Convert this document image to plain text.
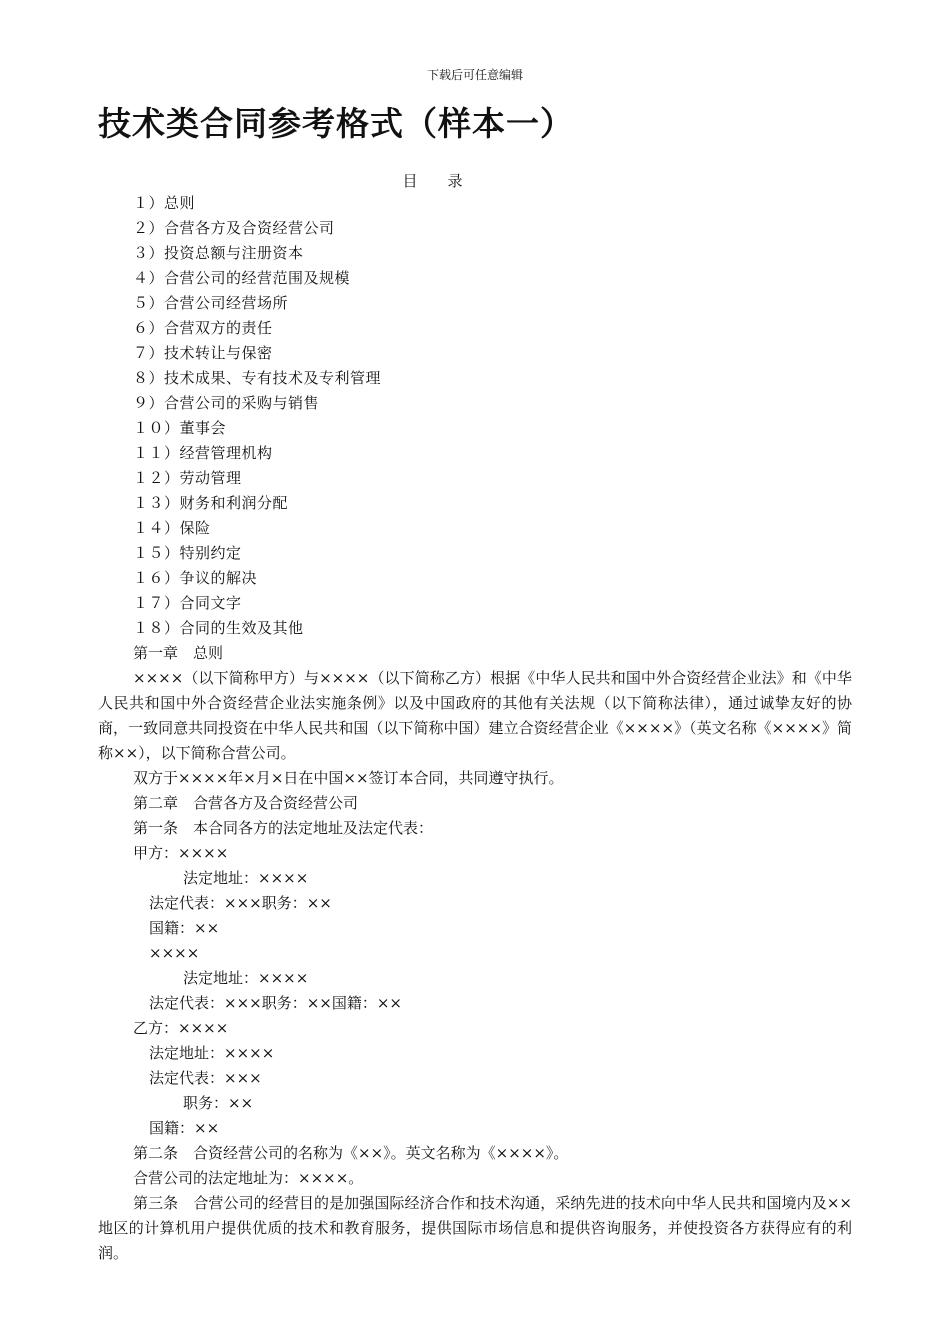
下载后可任意编辑
技术类合同参考格式（样本一）
目　　录
１）总则
２）合营各方及合资经营公司
３）投资总额与注册资本
４）合营公司的经营范围及规模
５）合营公司经营场所
６）合营双方的责任
７）技术转让与保密
８）技术成果、专有技术及专利管理
９）合营公司的采购与销售
１０）董事会
１１）经营管理机构
１２）劳动管理
１３）财务和利润分配
１４）保险
１５）特别约定
１６）争议的解决
１７）合同文字
１８）合同的生效及其他
第一章　总则
××××（以下简称甲方）与××××（以下简称乙方）根据《中华人民共和国中外合资经营企业法》和《中华人民共和国中外合资经营企业法实施条例》以及中国政府的其他有关法规（以下简称法律），通过诚挚友好的协商，一致同意共同投资在中华人民共和国（以下简称中国）建立合资经营企业《××××》（英文名称《××××》简称××），以下简称合营公司。
双方于××××年×月×日在中国××签订本合同，共同遵守执行。
第二章　合营各方及合资经营公司
第一条　本合同各方的法定地址及法定代表：
甲方：××××
法定地址：××××
法定代表：×××职务：××
国籍：××
××××
法定地址：××××
法定代表：×××职务：××国籍：××
乙方：××××
法定地址：××××
法定代表：×××
职务：××
国籍：××
第二条　合资经营公司的名称为《××》。英文名称为《××××》。
合营公司的法定地址为：××××。
第三条　合营公司的经营目的是加强国际经济合作和技术沟通，采纳先进的技术向中华人民共和国境内及××地区的计算机用户提供优质的技术和教育服务，提供国际市场信息和提供咨询服务，并使投资各方获得应有的利润。
